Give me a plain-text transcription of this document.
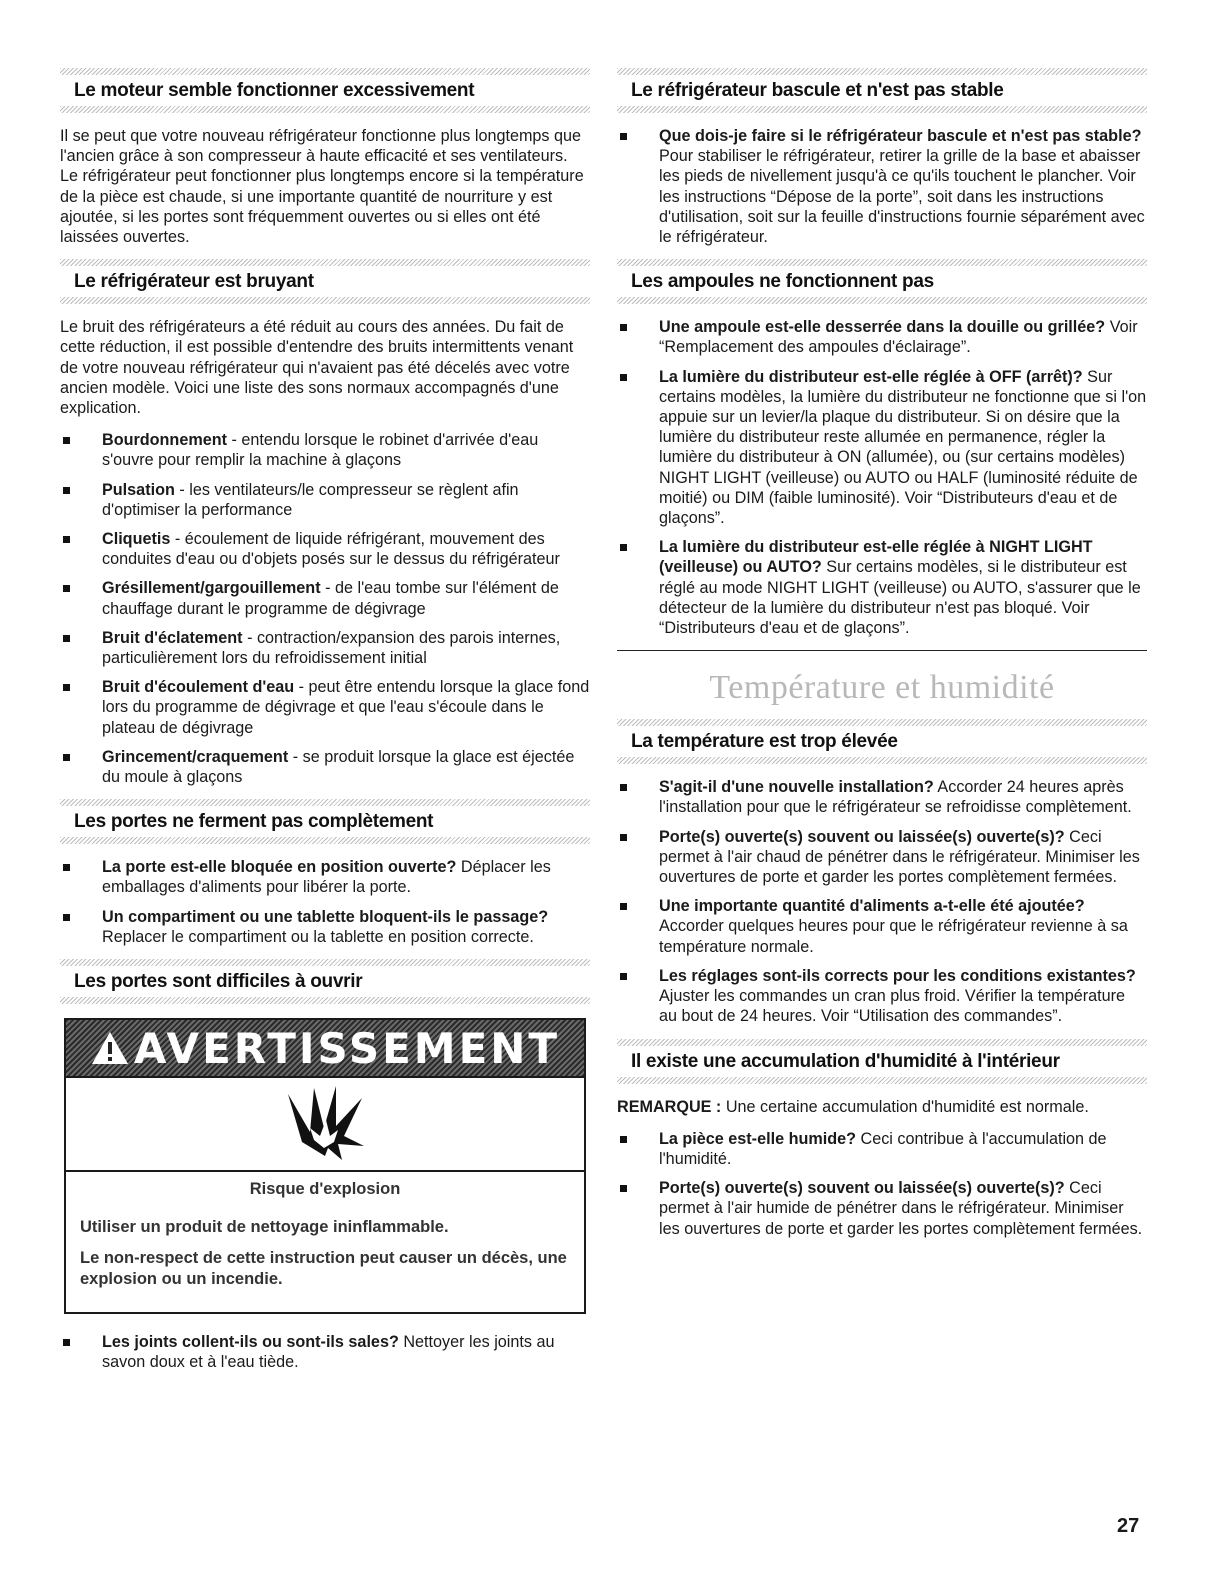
Le moteur semble fonctionner excessivement

Il se peut que votre nouveau réfrigérateur fonctionne plus longtemps que l'ancien grâce à son compresseur à haute efficacité et ses ventilateurs. Le réfrigérateur peut fonctionner plus longtemps encore si la température de la pièce est chaude, si une importante quantité de nourriture y est ajoutée, si les portes sont fréquemment ouvertes ou si elles ont été laissées ouvertes.

Le réfrigérateur est bruyant

Le bruit des réfrigérateurs a été réduit au cours des années. Du fait de cette réduction, il est possible d'entendre des bruits intermittents venant de votre nouveau réfrigérateur qui n'avaient pas été décelés avec votre ancien modèle. Voici une liste des sons normaux accompagnés d'une explication.

Bourdonnement - entendu lorsque le robinet d'arrivée d'eau s'ouvre pour remplir la machine à glaçons
Pulsation - les ventilateurs/le compresseur se règlent afin d'optimiser la performance
Cliquetis - écoulement de liquide réfrigérant, mouvement des conduites d'eau ou d'objets posés sur le dessus du réfrigérateur
Grésillement/gargouillement - de l'eau tombe sur l'élément de chauffage durant le programme de dégivrage
Bruit d'éclatement - contraction/expansion des parois internes, particulièrement lors du refroidissement initial
Bruit d'écoulement d'eau - peut être entendu lorsque la glace fond lors du programme de dégivrage et que l'eau s'écoule dans le plateau de dégivrage
Grincement/craquement - se produit lorsque la glace est éjectée du moule à glaçons
Les portes ne ferment pas complètement
La porte est-elle bloquée en position ouverte? Déplacer les emballages d'aliments pour libérer la porte.
Un compartiment ou une tablette bloquent-ils le passage? Replacer le compartiment ou la tablette en position correcte.
Les portes sont difficiles à ouvrir
AVERTISSEMENT
Risque d'explosion
Utiliser un produit de nettoyage ininflammable.
Le non-respect de cette instruction peut causer un décès, une explosion ou un incendie.
Les joints collent-ils ou sont-ils sales? Nettoyer les joints au savon doux et à l'eau tiède.
Le réfrigérateur bascule et n'est pas stable
Que dois-je faire si le réfrigérateur bascule et n'est pas stable? Pour stabiliser le réfrigérateur, retirer la grille de la base et abaisser les pieds de nivellement jusqu'à ce qu'ils touchent le plancher. Voir les instructions “Dépose de la porte”, soit dans les instructions d'utilisation, soit sur la feuille d'instructions fournie séparément avec le réfrigérateur.
Les ampoules ne fonctionnent pas
Une ampoule est-elle desserrée dans la douille ou grillée? Voir “Remplacement des ampoules d'éclairage”.
La lumière du distributeur est-elle réglée à OFF (arrêt)? Sur certains modèles, la lumière du distributeur ne fonctionne que si l'on appuie sur un levier/la plaque du distributeur. Si on désire que la lumière du distributeur reste allumée en permanence, régler la lumière du distributeur à ON (allumée), ou (sur certains modèles) NIGHT LIGHT (veilleuse) ou AUTO ou HALF (luminosité réduite de moitié) ou DIM (faible luminosité). Voir “Distributeurs d'eau et de glaçons”.
La lumière du distributeur est-elle réglée à NIGHT LIGHT (veilleuse) ou AUTO? Sur certains modèles, si le distributeur est réglé au mode NIGHT LIGHT (veilleuse) ou AUTO, s'assurer que le détecteur de la lumière du distributeur n'est pas bloqué. Voir “Distributeurs d'eau et de glaçons”.
Température et humidité
La température est trop élevée
S'agit-il d'une nouvelle installation? Accorder 24 heures après l'installation pour que le réfrigérateur se refroidisse complètement.
Porte(s) ouverte(s) souvent ou laissée(s) ouverte(s)? Ceci permet à l'air chaud de pénétrer dans le réfrigérateur. Minimiser les ouvertures de porte et garder les portes complètement fermées.
Une importante quantité d'aliments a-t-elle été ajoutée? Accorder quelques heures pour que le réfrigérateur revienne à sa température normale.
Les réglages sont-ils corrects pour les conditions existantes? Ajuster les commandes un cran plus froid. Vérifier la température au bout de 24 heures. Voir “Utilisation des commandes”.
Il existe une accumulation d'humidité à l'intérieur

REMARQUE : Une certaine accumulation d'humidité est normale.

La pièce est-elle humide? Ceci contribue à l'accumulation de l'humidité.
Porte(s) ouverte(s) souvent ou laissée(s) ouverte(s)? Ceci permet à l'air humide de pénétrer dans le réfrigérateur. Minimiser les ouvertures de porte et garder les portes complètement fermées.
27
